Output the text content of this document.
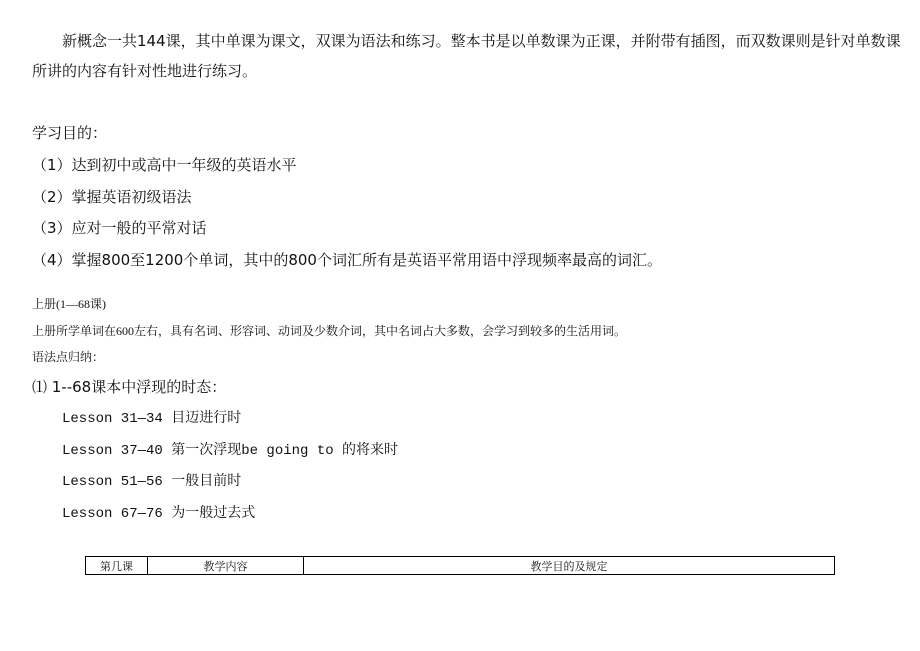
新概念一共144课，其中单课为课文，双课为语法和练习。整本书是以单数课为正课，并附带有插图，而双数课则是针对单数课所讲的内容有针对性地进行练习。
学习目的：
（1）达到初中或高中一年级的英语水平
（2）掌握英语初级语法
（3）应对一般的平常对话
（4）掌握800至1200个单词，其中的800个词汇所有是英语平常用语中浮现频率最高的词汇。
上册(1—68课)
上册所学单词在600左右，具有名词、形容词、动词及少数介词，其中名词占大多数，会学习到较多的生活用词。
语法点归纳：
⑴ 1--68课本中浮现的时态：
Lesson 31—34 目迈进行时
Lesson 37—40 第一次浮现be going to 的将来时
Lesson 51—56 一般目前时
Lesson 67—76 为一般过去式
第几课	教学内容	教学目的及规定
